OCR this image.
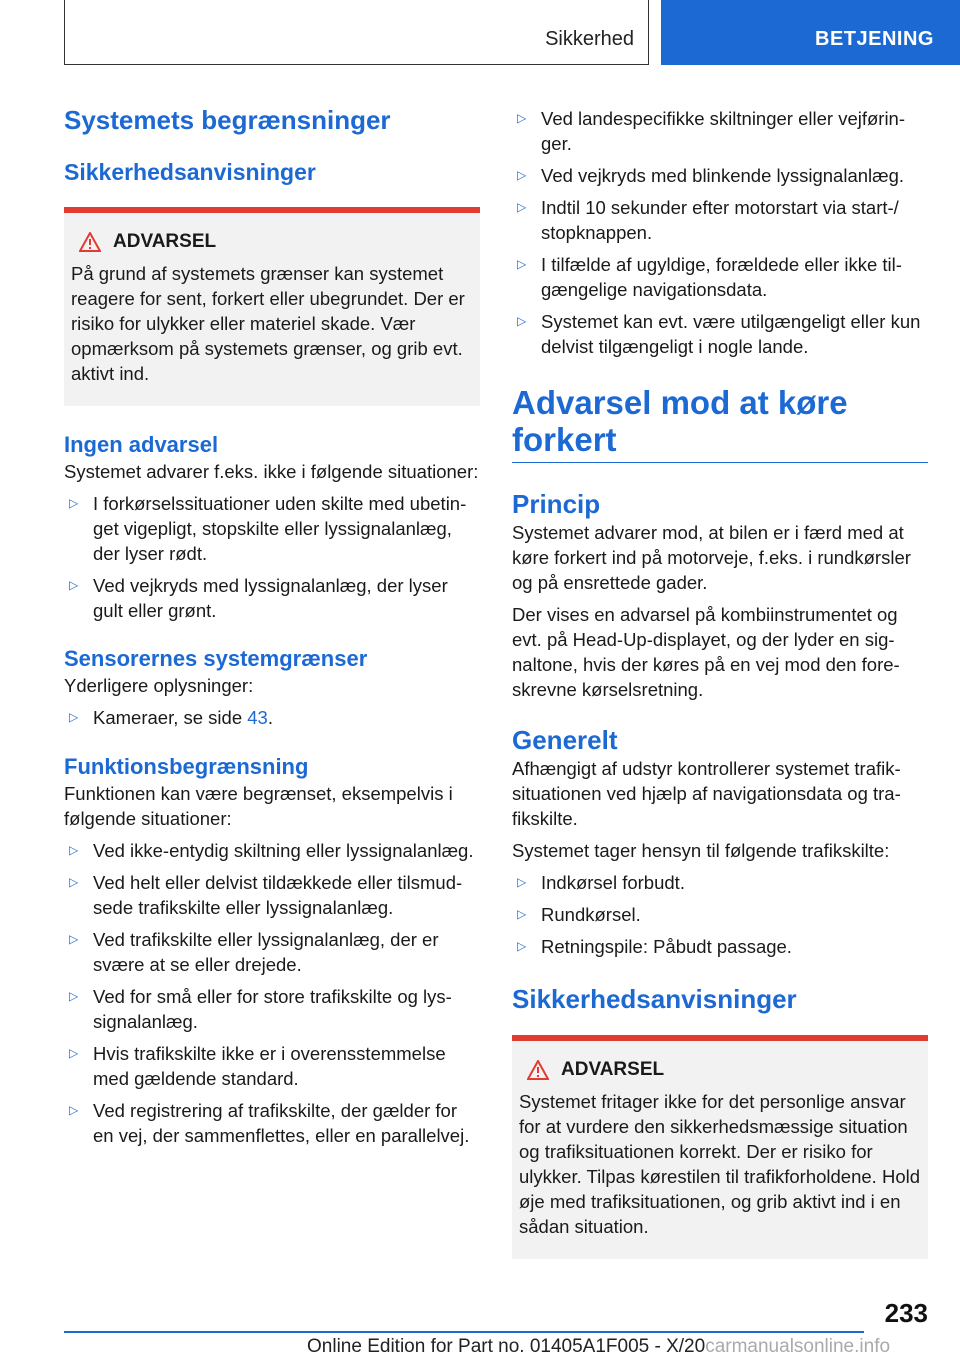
Sikkerhed	BETJENING
Systemets begrænsninger
Sikkerhedsanvisninger
ADVARSEL
På grund af systemets grænser kan systemet reagere for sent, forkert eller ubegrundet. Der er risiko for ulykker eller materiel skade. Vær opmærksom på systemets grænser, og grib evt. aktivt ind.
Ingen advarsel
Systemet advarer f.eks. ikke i følgende situationer:
▷ I forkørselssituationer uden skilte med ubetinget vigepligt, stopskilte eller lyssignalanlæg, der lyser rødt.
▷ Ved vejkryds med lyssignalanlæg, der lyser gult eller grønt.
Sensorernes systemgrænser
Yderligere oplysninger:
▷ Kameraer, se side 43.
Funktionsbegrænsning
Funktionen kan være begrænset, eksempelvis i følgende situationer:
▷ Ved ikke-entydig skiltning eller lyssignalanlæg.
▷ Ved helt eller delvist tildækkede eller tilsmudsede trafikskilte eller lyssignalanlæg.
▷ Ved trafikskilte eller lyssignalanlæg, der er svære at se eller drejede.
▷ Ved for små eller for store trafikskilte og lyssignalanlæg.
▷ Hvis trafikskilte ikke er i overensstemmelse med gældende standard.
▷ Ved registrering af trafikskilte, der gælder for en vej, der sammenflettes, eller en parallelvej.
▷ Ved landespecifikke skiltninger eller vejføringer.
▷ Ved vejkryds med blinkende lyssignalanlæg.
▷ Indtil 10 sekunder efter motorstart via start-/ stopknappen.
▷ I tilfælde af ugyldige, forældede eller ikke tilgængelige navigationsdata.
▷ Systemet kan evt. være utilgængeligt eller kun delvist tilgængeligt i nogle lande.
Advarsel mod at køre
forkert
Princip
Systemet advarer mod, at bilen er i færd med at køre forkert ind på motorveje, f.eks. i rundkørsler og på ensrettede gader.
Der vises en advarsel på kombiinstrumentet og evt. på Head-Up-displayet, og der lyder en signaltone, hvis der køres på en vej mod den foreskrevne kørselsretning.
Generelt
Afhængigt af udstyr kontrollerer systemet trafiksituationen ved hjælp af navigationsdata og trafikskilte.
Systemet tager hensyn til følgende trafikskilte:
▷ Indkørsel forbudt.
▷ Rundkørsel.
▷ Retningspile: Påbudt passage.
Sikkerhedsanvisninger
ADVARSEL
Systemet fritager ikke for det personlige ansvar for at vurdere den sikkerhedsmæssige situation og trafiksituationen korrekt. Der er risiko for ulykker. Tilpas kørestilen til trafikforholdene. Hold øje med trafiksituationen, og grib aktivt ind i en sådan situation.
233
Online Edition for Part no. 01405A1F005 - X/20carmanualsonline.info
